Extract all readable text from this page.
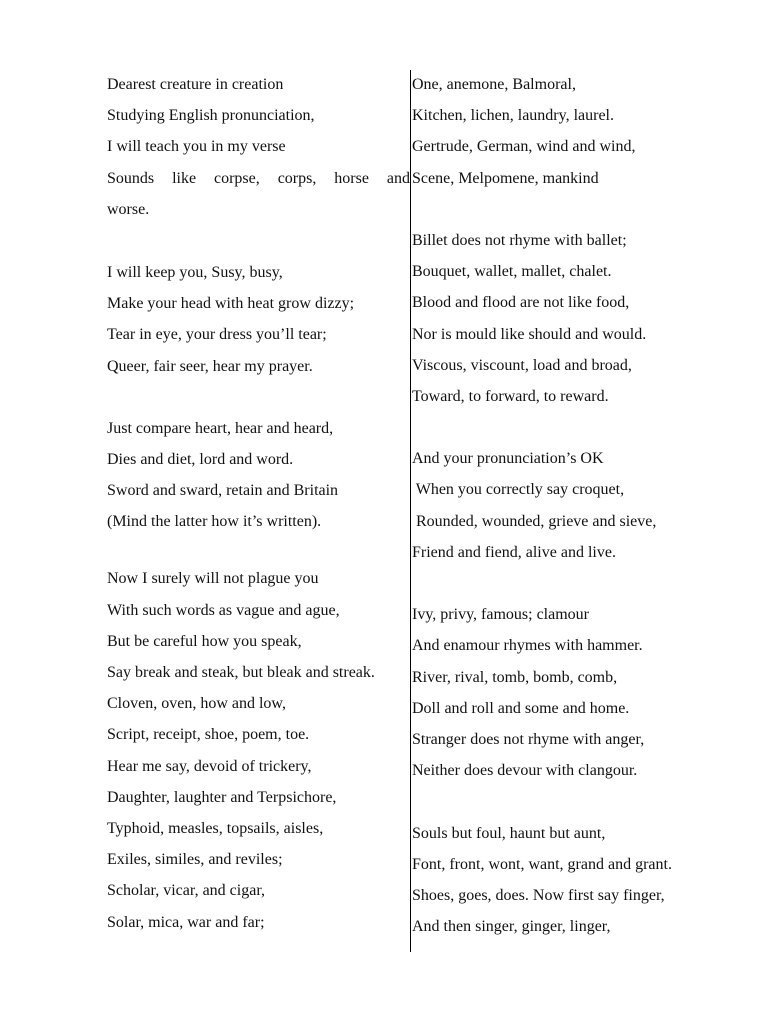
Dearest creature in creation
Studying English pronunciation,
I will teach you in my verse
Sounds like corpse, corps, horse and
worse.
I will keep you, Susy, busy,
Make your head with heat grow dizzy;
Tear in eye, your dress you’ll tear;
Queer, fair seer, hear my prayer.
Just compare heart, hear and heard,
Dies and diet, lord and word.
Sword and sward, retain and Britain
(Mind the latter how it’s written).
Now I surely will not plague you
With such words as vague and ague,
But be careful how you speak,
Say break and steak, but bleak and streak.
Cloven, oven, how and low,
Script, receipt, shoe, poem, toe.
Hear me say, devoid of trickery,
Daughter, laughter and Terpsichore,
Typhoid, measles, topsails, aisles,
Exiles, similes, and reviles;
Scholar, vicar, and cigar,
Solar, mica, war and far;
One, anemone, Balmoral,
Kitchen, lichen, laundry, laurel.
Gertrude, German, wind and wind,
Scene, Melpomene, mankind
Billet does not rhyme with ballet;
Bouquet, wallet, mallet, chalet.
Blood and flood are not like food,
Nor is mould like should and would.
Viscous, viscount, load and broad,
Toward, to forward, to reward.
And your pronunciation’s OK
When you correctly say croquet,
Rounded, wounded, grieve and sieve,
Friend and fiend, alive and live.
Ivy, privy, famous; clamour
And enamour rhymes with hammer.
River, rival, tomb, bomb, comb,
Doll and roll and some and home.
Stranger does not rhyme with anger,
Neither does devour with clangour.
Souls but foul, haunt but aunt,
Font, front, wont, want, grand and grant.
Shoes, goes, does. Now first say finger,
And then singer, ginger, linger,
